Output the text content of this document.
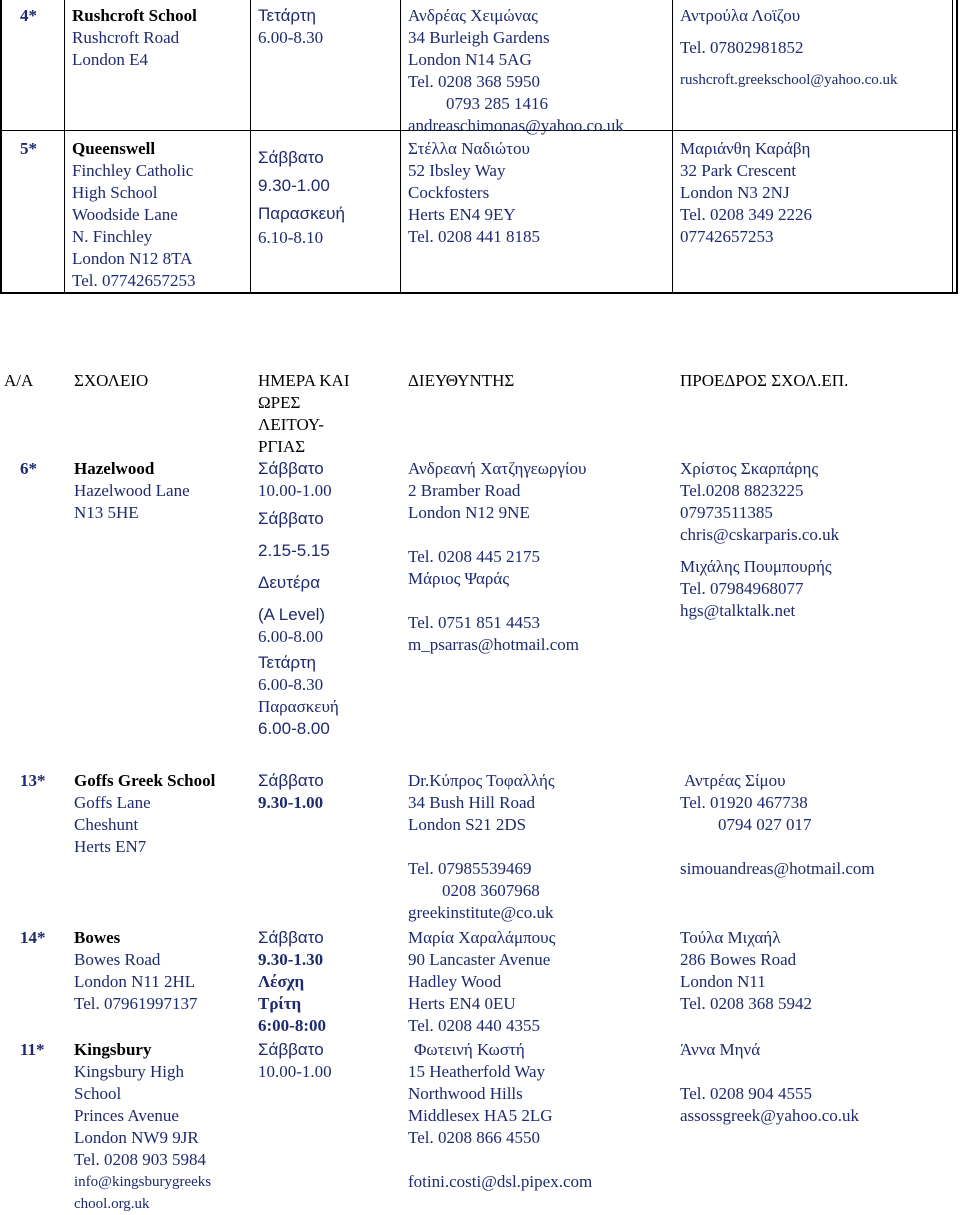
4* Rushcroft School
Rushcroft Road
London E4
Τετάρτη
6.00-8.30
Ανδρέας Χειμώνας
34 Burleigh Gardens
London N14 5AG
Tel. 0208 368 5950
0793 285 1416
andreaschimonas@yahoo.co.uk
Αντρούλα Λοϊζου
Tel. 07802981852
rushcroft.greekschool@yahoo.co.uk
5* Queenswell
Finchley Catholic
High School
Woodside Lane
N. Finchley
London N12 8TA
Tel. 07742657253
Σάββατο
9.30-1.00
Παρασκευή
6.10-8.10
Στέλλα Ναδιώτου
52 Ibsley Way
Cockfosters
Herts EN4 9EY
Tel. 0208 441 8185
Μαριάνθη Καράβη
32 Park Crescent
London N3 2NJ
Tel. 0208 349 2226
07742657253
Α/Α ΣΧΟΛΕΙΟ	ΗΜΕΡΑ ΚΑΙ
ΩΡΕΣ
ΛΕΙΤΟΥ-
ΡΓΙΑΣ
ΔΙΕΥΘΥΝΤΗΣ	ΠΡΟΕΔΡΟΣ ΣΧΟΛ.ΕΠ.
6* Hazelwood
Hazelwood Lane
N13 5HE
Σάββατο
10.00-1.00
Σάββατο
2.15-5.15
Δευτέρα
(A Level)
6.00-8.00
Τετάρτη
6.00-8.30
Παρασκευή
6.00-8.00
Ανδρεανή Χατζηγεωργίου
2 Bramber Road
London N12 9NE
Tel. 0208 445 2175
Μάριος Ψαράς
Tel. 0751 851 4453
m_psarras@hotmail.com
Χρίστος Σκαρπάρης
Tel.0208 8823225
07973511385
chris@cskarparis.co.uk
Μιχάλης Πουμπουρής
Tel. 07984968077
hgs@talktalk.net
13* Goffs Greek School
Goffs Lane
Cheshunt
Herts EN7
Σάββατο
9.30-1.00
Dr.Κύπρος Τοφαλλής
34 Bush Hill Road
London S21 2DS
Tel. 07985539469
0208 3607968
greekinstitute@co.uk
Αντρέας Σίμου
Tel. 01920 467738
0794 027 017
simouandreas@hotmail.com
14* Bowes
Bowes Road
London N11 2HL
Tel. 07961997137
Σάββατο
9.30-1.30
Λέσχη
Τρίτη
6:00-8:00
Μαρία Χαραλάμπους
90 Lancaster Avenue
Hadley Wood
Herts EN4 0EU
Tel. 0208 440 4355
Τούλα Μιχαήλ
286 Bowes Road
London N11
Tel. 0208 368 5942
11* Kingsbury
Kingsbury High
School
Princes Avenue
London NW9 9JR
Tel. 0208 903 5984
info@kingsburygreeks
chool.org.uk
Σάββατο
10.00-1.00
Φωτεινή Κωστή
15 Heatherfold Way
Northwood Hills
Middlesex HA5 2LG
Tel. 0208 866 4550
fotini.costi@dsl.pipex.com
Άννα Μηνά
Tel. 0208 904 4555
assossgreek@yahoo.co.uk
